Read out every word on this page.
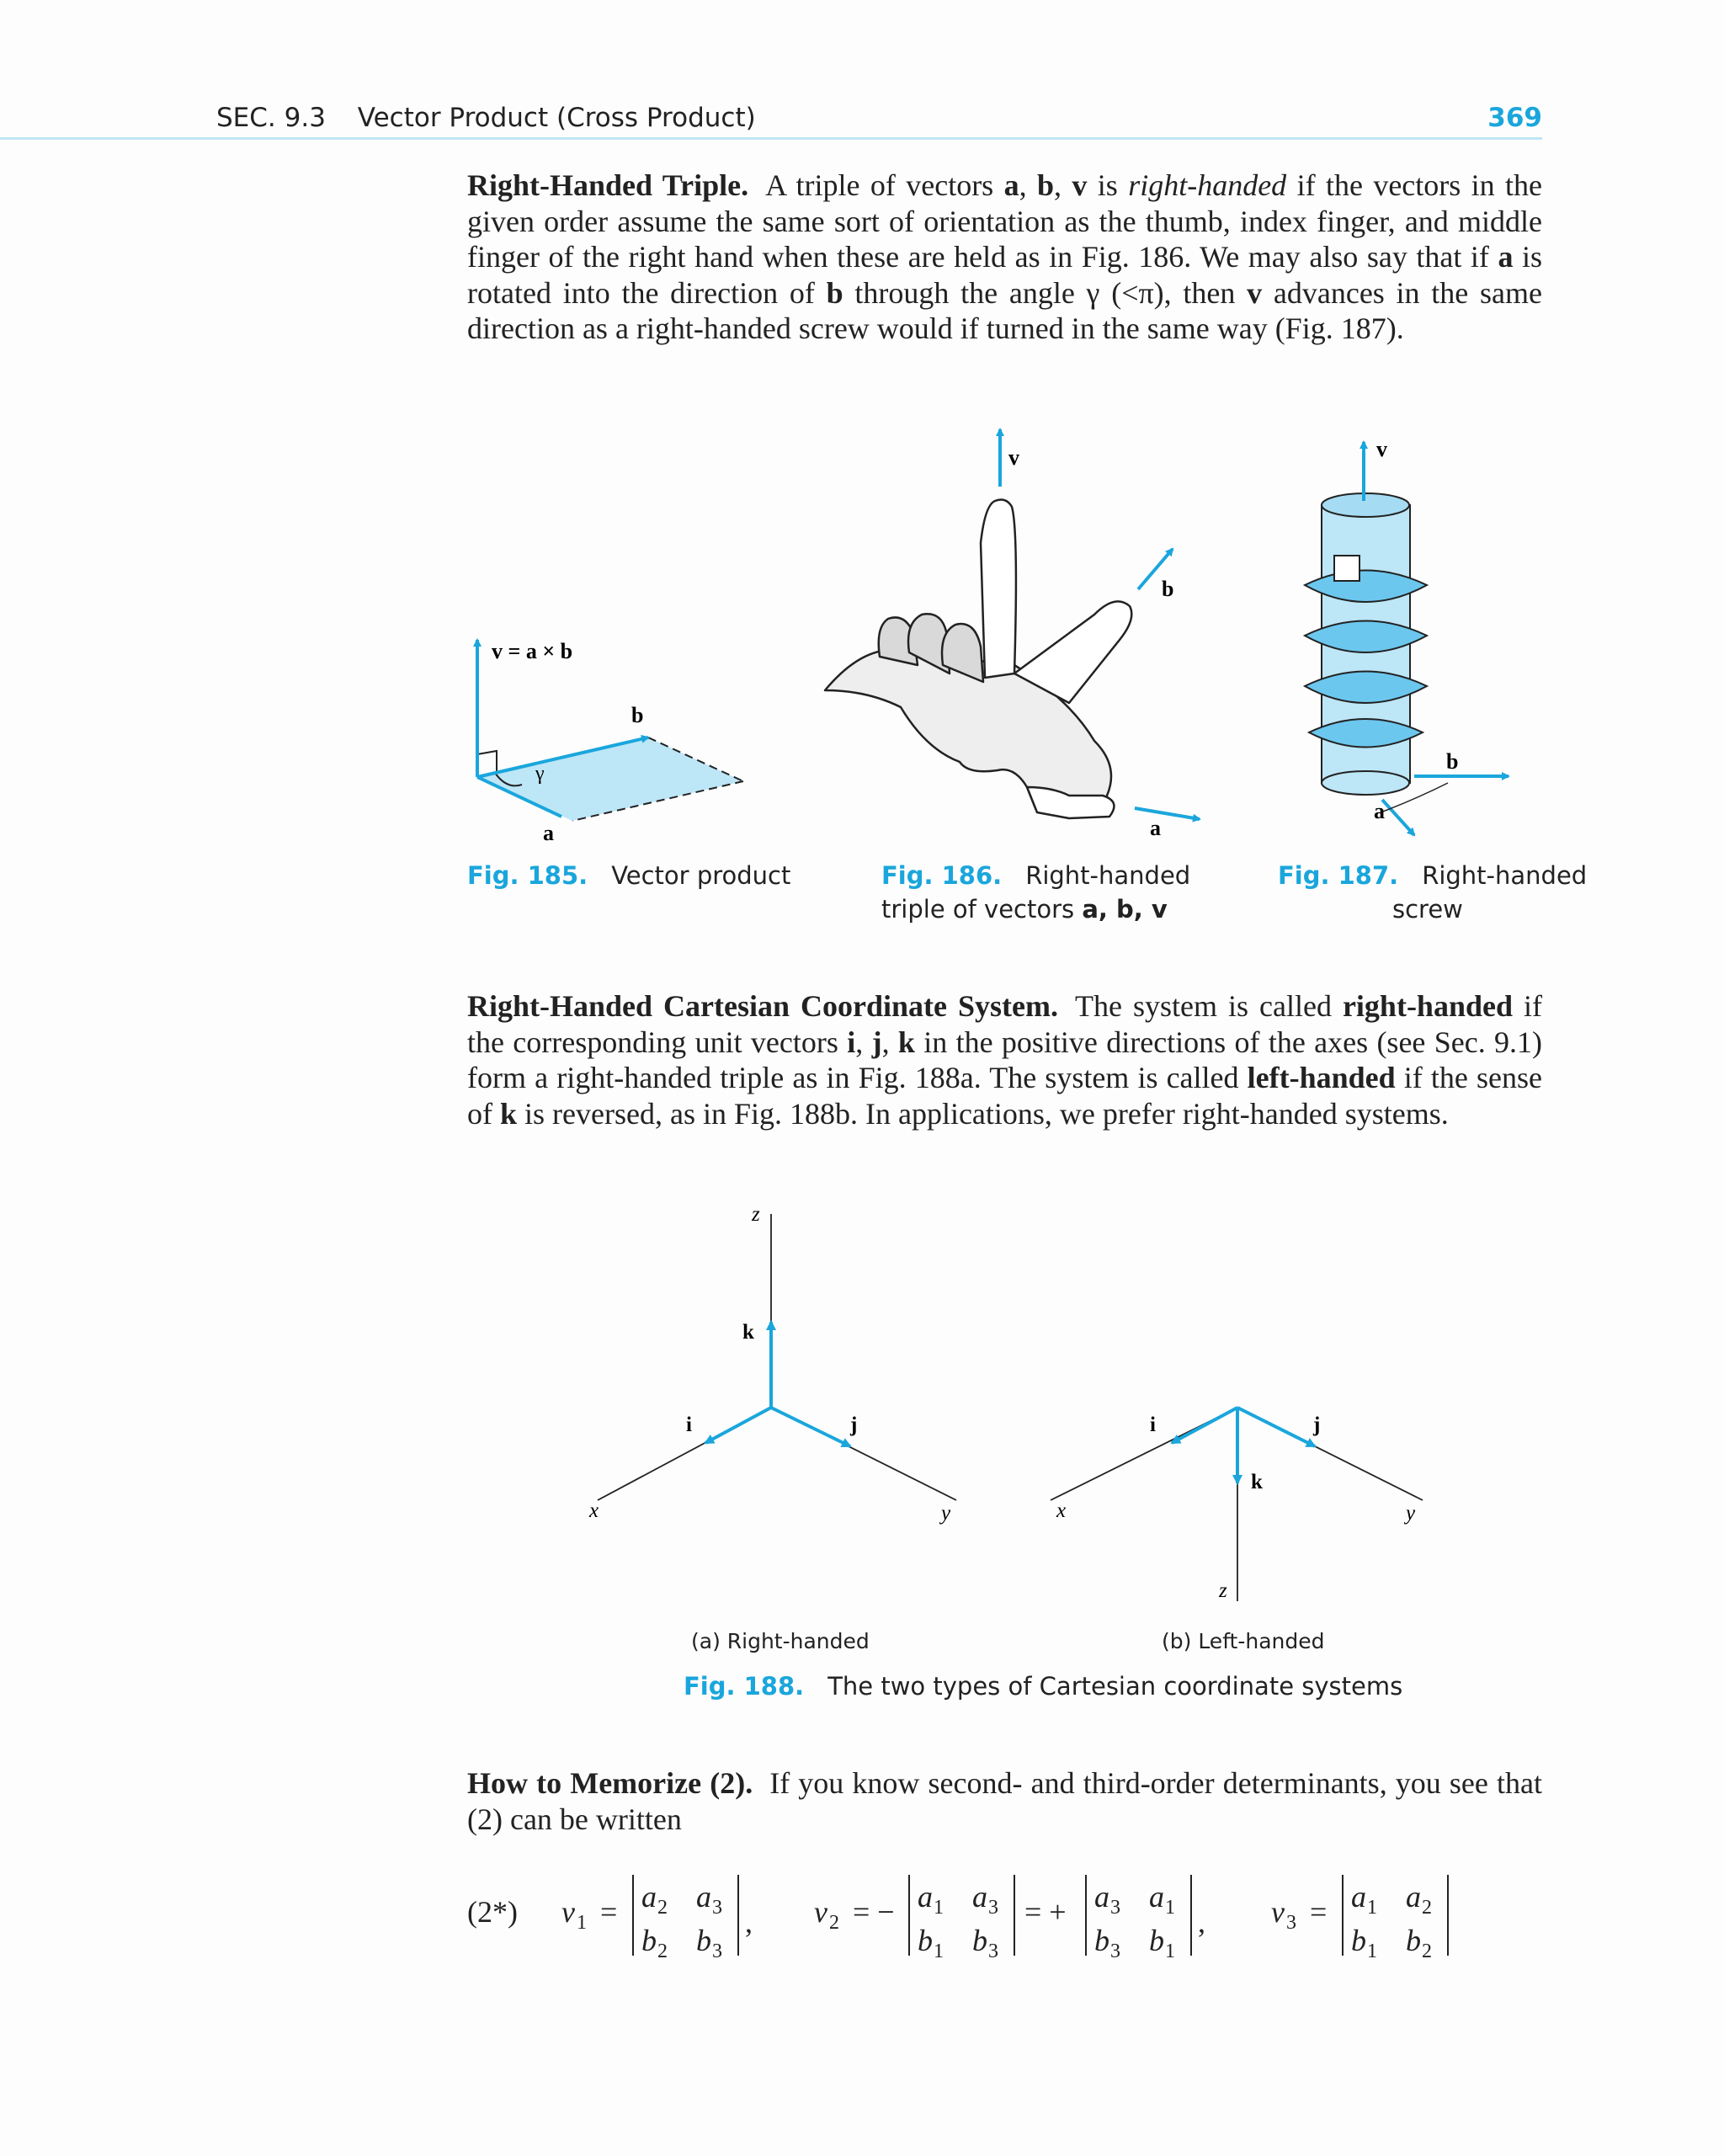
SEC. 9.3 Vector Product (Cross Product)	369

Right-Handed Triple. A triple of vectors a, b, v is right-handed if the vectors in the given order assume the same sort of orientation as the thumb, index finger, and middle finger of the right hand when these are held as in Fig. 186. We may also say that if a is rotated into the direction of b through the angle γ (<π), then v advances in the same direction as a right-handed screw would if turned in the same way (Fig. 187).

v = a × b
b
a
γ
Fig. 185. Vector product
v
b
a
Fig. 186. Right-handed
triple of vectors a, b, v
v
b
a
Fig. 187. Right-handed
screw

Right-Handed Cartesian Coordinate System. The system is called right-handed if the corresponding unit vectors i, j, k in the positive directions of the axes (see Sec. 9.1) form a right-handed triple as in Fig. 188a. The system is called left-handed if the sense of k is reversed, as in Fig. 188b. In applications, we prefer right-handed systems.

z
k
i	j
x	y
i	j
k
x	y
z
(a) Right-handed	(b) Left-handed
Fig. 188. The two types of Cartesian coordinate systems

How to Memorize (2). If you know second- and third-order determinants, you see that (2) can be written

(2*) v 1 = a 2 a 3
b 2 b 3
, v 2 = − a 1 a 3
b 1 b 3
= + a 3 a 1
b 3 b 1
, v 3 = a 1 a 2
b 1 b 2
